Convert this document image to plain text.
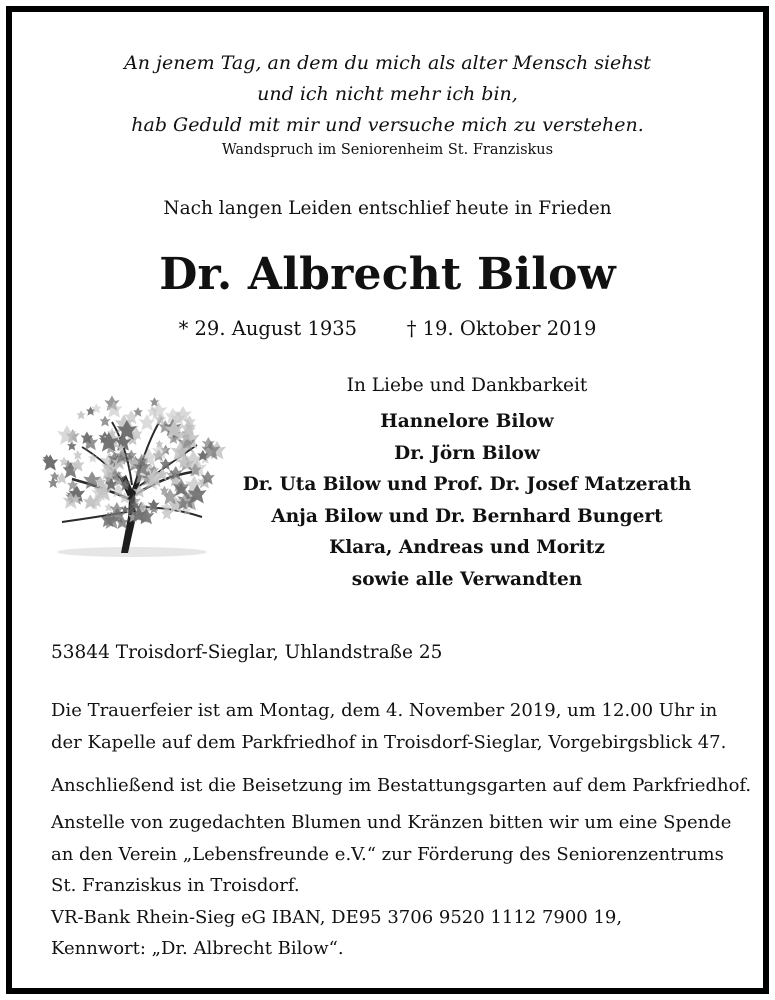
An jenem Tag, an dem du mich als alter Mensch siehst
und ich nicht mehr ich bin,
hab Geduld mit mir und versuche mich zu verstehen.
Wandspruch im Seniorenheim St. Franziskus
Nach langen Leiden entschlief heute in Frieden
Dr. Albrecht Bilow
* 29. August 1935	† 19. Oktober 2019
In Liebe und Dankbarkeit
Hannelore Bilow
Dr. Jörn Bilow
Dr. Uta Bilow und Prof. Dr. Josef Matzerath
Anja Bilow und Dr. Bernhard Bungert
Klara, Andreas und Moritz
sowie alle Verwandten
53844 Troisdorf-Sieglar, Uhlandstraße 25
Die Trauerfeier ist am Montag, dem 4. November 2019, um 12.00 Uhr in
der Kapelle auf dem Parkfriedhof in Troisdorf-Sieglar, Vorgebirgsblick 47.
Anschließend ist die Beisetzung im Bestattungsgarten auf dem Parkfriedhof.
Anstelle von zugedachten Blumen und Kränzen bitten wir um eine Spende
an den Verein „Lebensfreunde e.V.“ zur Förderung des Seniorenzentrums
St. Franziskus in Troisdorf.
VR-Bank Rhein-Sieg eG IBAN, DE95 3706 9520 1112 7900 19,
Kennwort: „Dr. Albrecht Bilow“.
